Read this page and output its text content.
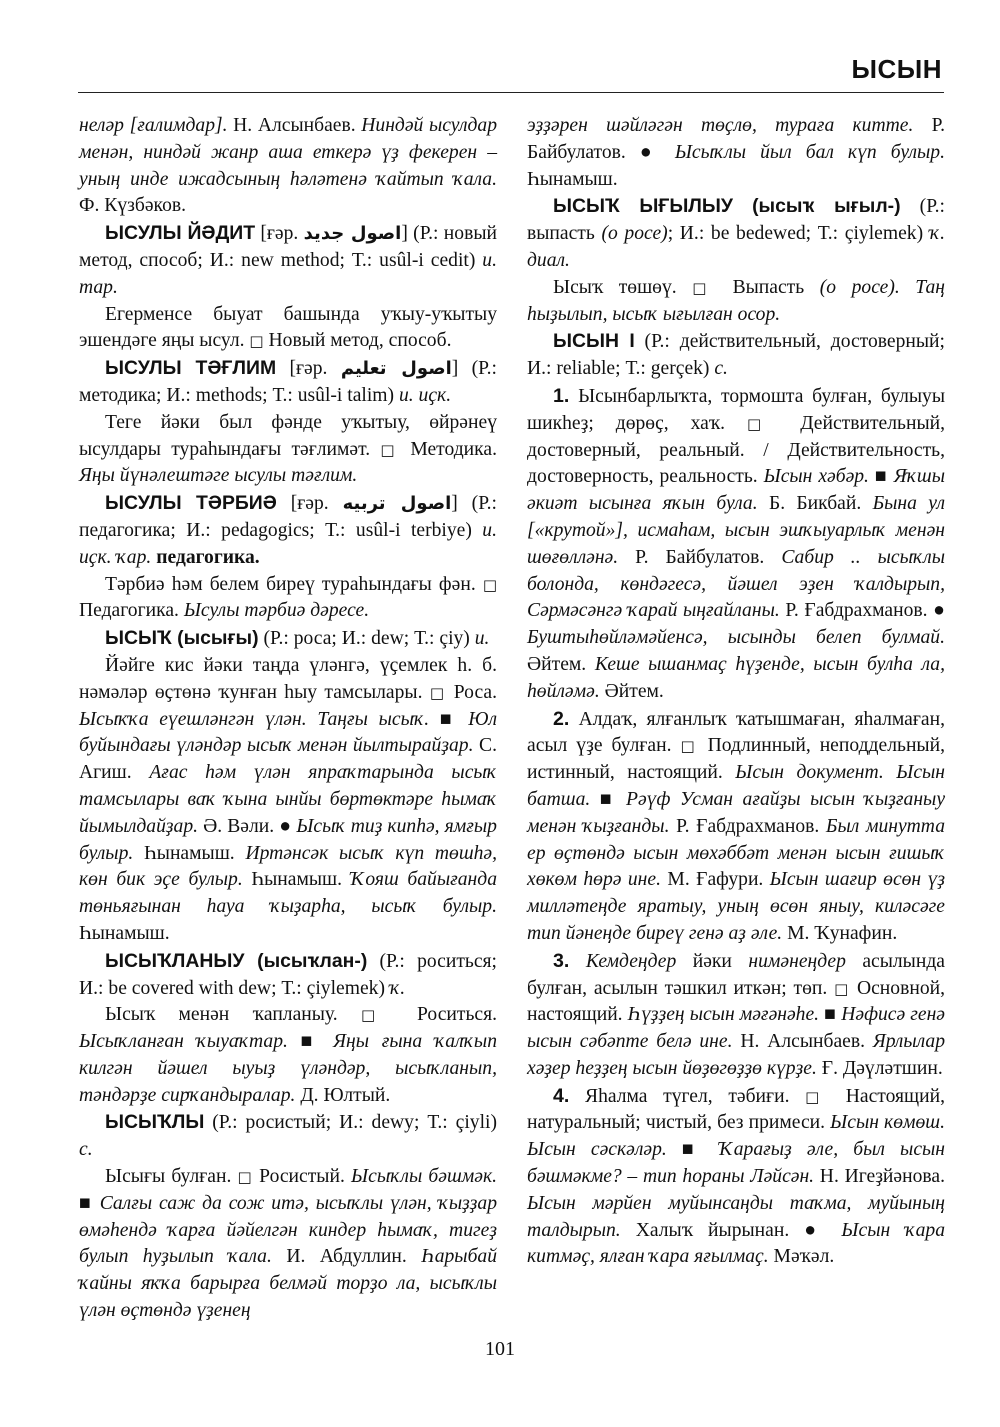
ЫСЫН

нелəр [ғалимдар]. Н. Алсынбаев. Ниндəй ысулдар менəн, ниндəй жанр аша еткерə үҙ фекерен – уның инде ижадсының һəлəтенə ҡайтып ҡала. Ф. Күзбəков.

ЫСУЛЫ ЙƏДИТ [ғəр. اصول جديد] (Р.: новый метод, способ; И.: new method; Т.: usûl-i cedit) и. тар.

Егерменсе быуат башында уҡыу-уҡытыу эшендəге яңы ысул. □ Новый метод, способ.

ЫСУЛЫ ТƏҒЛИМ [ғəр. اصول تعليم] (Р.: методика; И.: methods; Т.: usûl-i talim) и. иҫк.

Теге йəки был фəнде уҡытыу, өйрəнеү ысулдары тураһындағы тəғлимəт. □ Методика. Яңы йүнəлештəге ысулы тəғлим.

ЫСУЛЫ ТƏРБИƏ [ғəр. اصول تربيه] (Р.: педагогика; И.: pedagogics; Т.: usûl-i terbiye) и. иҫк. ҡар. педагогика.

Тəрбиə һəм белем биреү тураһындағы фəн. □ Педагогика. Ысулы тəрбиə дəресе.

ЫСЫҠ (ысығы) (Р.: роса; И.: dew; Т.: çiy) и.

Йəйге кис йəки таңда үлəнгə, үҫемлек һ. б. нəмəлəр өҫтөнə ҡунған һыу тамсылары. □ Роса. Ысыҡҡа еүешлəнгəн үлəн. Таңғы ысыҡ. ■ Юл буйындағы үлəндəр ысыҡ менəн йылтырайҙар. С. Агиш. Ағас һəм үлəн япраҡтарында ысыҡ тамсылары ваҡ ҡына ынйы бөртөктəре һымаҡ йымылдайҙар. Ə. Вəли. ● Ысыҡ тиҙ кипһə, ямғыр булыр. Һынамыш. Иртəнсəк ысыҡ күп төшһə, көн бик эҫе булыр. Һынамыш. Ҡояш байығанда төньяғынан һауа ҡыҙарһа, ысыҡ булыр. Һынамыш.

ЫСЫҠЛАНЫУ (ысыҡлан-) (Р.: роситься; И.: be covered with dew; Т.: çiylemek) ҡ.

Ысыҡ менəн ҡапланыу. □ Роситься. Ысыҡланған ҡыуаҡтар. ■ Яңы ғына ҡалҡып килгəн йəшел ыуыҙ үлəндəр, ысыҡланып, тəндəрҙе сирҡандыралар. Д. Юлтый.

ЫСЫҠЛЫ (Р.: росистый; И.: dewy; Т.: çiyli) с.

Ысығы булған. □ Росистый. Ысыҡлы бəшмəк. ■ Салғы саж да сож итə, ысыҡлы үлəн, ҡыҙҙар өмəһендə ҡарға йəйелгəн киндер һымаҡ, тигеҙ булып һуҙылып ҡала. И. Абдуллин. Һарыбай ҡайны яҡҡа барырға белмəй торҙо ла, ысыҡлы үлəн өҫтөндə үҙенең

эҙҙəрен шəйлəгəн төҫлө, тураға китте. Р. Байбулатов. ● Ысыҡлы йыл бал күп булыр. Һынамыш.

ЫСЫҠ ЫҒЫЛЫУ (ысыҡ ығыл-) (Р.: выпасть (о росе); И.: be bedewed; Т.: çiylemek) ҡ. диал.

Ысыҡ төшөү. □ Выпасть (о росе). Таң һыҙылып, ысыҡ ығылған осор.

ЫСЫН I (Р.: действительный, достоверный; И.: reliable; Т.: gerçek) с.

1. Ысынбарлыҡта, тормошта булған, булыуы шикһеҙ; дөрөҫ, хаҡ. □ Действительный, достоверный, реальный. / Действительность, достоверность, реальность. Ысын хəбəр. ■ Яҡшы əкиəт ысынға яҡын була. Б. Бикбай. Бына ул [«крутой»], исмаһам, ысын эшҡыуарлыҡ менəн шөғөллəнə. Р. Байбулатов. Сабир .. ысыҡлы болонда, көндəгесə, йəшел эҙен ҡалдырып, Сəрмəсəнгə ҡарай ыңғайланы. Р. Ғабдрахманов. ● Буштыһөйлəмəйенсə, ысынды белеп булмай. Əйтем. Кеше ышанмаҫ һүҙенде, ысын булһа ла, һөйлəмə. Əйтем.

2. Алдаҡ, ялғанлыҡ ҡатышмаған, яһалмаған, асыл үҙе булған. □ Подлинный, неподдельный, истинный, настоящий. Ысын документ. Ысын батша. ■ Рəүф Усман ағайҙы ысын ҡыҙғаныу менəн ҡыҙғанды. Р. Ғабдрахманов. Был минутта ер өҫтөндə ысын мөхəббəт менəн ысын ғишыҡ хөкөм һөрə ине. М. Ғафури. Ысын шағир өсөн үҙ миллəтеңде яратыу, уның өсөн яныу, килəсəге тип йəнеңде биреү генə аҙ əле. М. Ҡунафин.

3. Кемдеңдер йəки нимəнеңдер асылында булған, асылын тəшкил иткəн; төп. □ Основной, настоящий. Һүҙҙең ысын мəғəнəһе. ■ Нəфисə генə ысын сəбəпте белə ине. Н. Алсынбаев. Ярлылар хəҙер һеҙҙең ысын йөҙөгөҙҙө күрҙе. Ғ. Дəүлəтшин.

4. Яһалма түгел, тəбиғи. □ Настоящий, натуральный; чистый, без примеси. Ысын көмөш. Ысын сəскəлəр. ■ Ҡарағыҙ əле, был ысын бəшмəкме? – тип һораны Лəйсəн. Н. Игеҙйəнова. Ысын мəрйен муйынсаңды таҡма, муйының талдырып. Халыҡ йырынан. ● Ысын ҡара китмəҫ, ялған ҡара яғылмаҫ. Мəҡəл.

101
